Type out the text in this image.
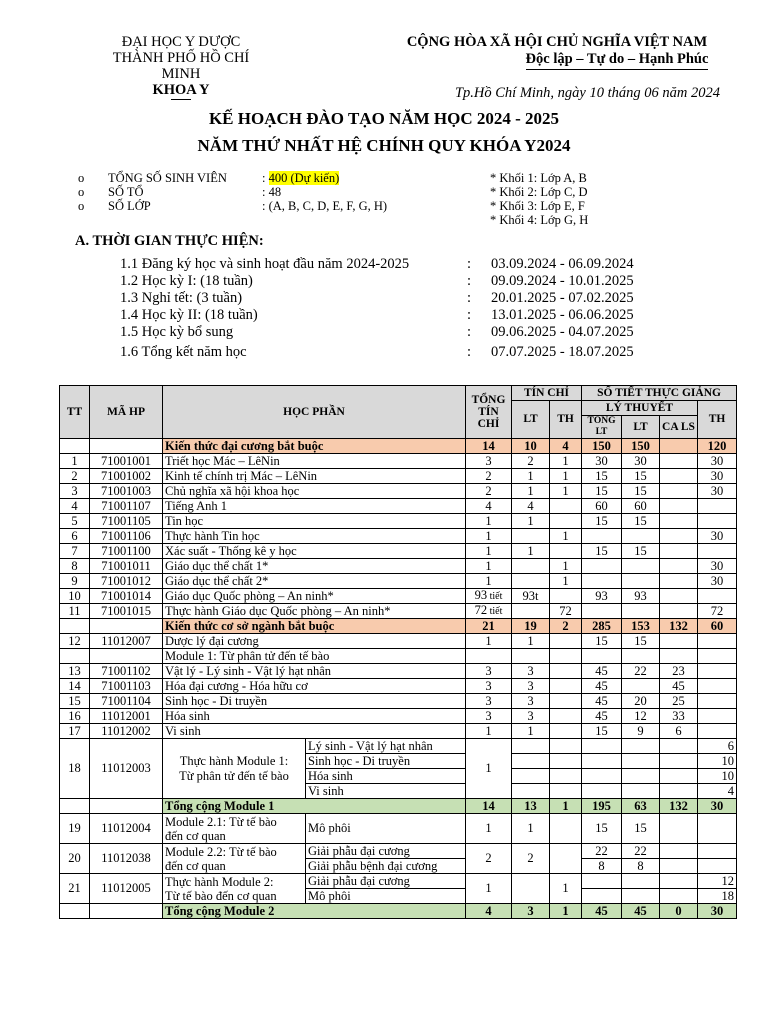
ĐẠI HỌC Y DƯỢC
THÀNH PHỐ HỒ CHÍ MINH
KHOA Y
CỘNG HÒA XÃ HỘI CHỦ NGHĨA VIỆT NAM
Độc lập – Tự do – Hạnh Phúc
Tp.Hồ Chí Minh, ngày 10 tháng 06 năm 2024
KẾ HOẠCH ĐÀO TẠO NĂM HỌC 2024 - 2025
NĂM THỨ NHẤT HỆ CHÍNH QUY KHÓA Y2024
o TỔNG SỐ SINH VIÊN	: 400 (Dự kiến)
o SỐ TỔ	: 48
o SỐ LỚP	: (A, B, C, D, E, F, G, H)
* Khối 1: Lớp A, B
* Khối 2: Lớp C, D
* Khối 3: Lớp E, F
* Khối 4: Lớp G, H
A. THỜI GIAN THỰC HIỆN:
1.1 Đăng ký học và sinh hoạt đầu năm 2024-2025	: 03.09.2024 - 06.09.2024
1.2 Học kỳ I: (18 tuần)	: 09.09.2024 - 10.01.2025
1.3 Nghỉ tết: (3 tuần)	: 20.01.2025 - 07.02.2025
1.4 Học kỳ II: (18 tuần)	: 13.01.2025 - 06.06.2025
1.5 Học kỳ bổ sung	: 09.06.2025 - 04.07.2025
1.6 Tổng kết năm học	: 07.07.2025 - 18.07.2025
TT	MÃ HP	HỌC PHẦN		TỔNG TÍN CHỈ	TÍN CHỈ		SỐ TIẾT THỰC GIẢNG			
					LT	TH	LÝ THUYẾT			TH
							TỔNG LT	LT	CA LS	
		Kiến thức đại cương bắt buộc		14	10	4	150	150		120
1	71001001	Triết học Mác – LêNin		3	2	1	30	30		30
2	71001002	Kinh tế chính trị Mác – LêNin		2	1	1	15	15		30
3	71001003	Chủ nghĩa xã hội khoa học		2	1	1	15	15		30
4	71001107	Tiếng Anh 1		4	4		60	60		
5	71001105	Tin học		1	1		15	15		
6	71001106	Thực hành Tin học		1		1				30
7	71001100	Xác suất - Thống kê y học		1	1		15	15		
8	71001011	Giáo dục thể chất 1*		1		1				30
9	71001012	Giáo dục thể chất 2*		1		1				30
10	71001014	Giáo dục Quốc phòng – An ninh*		93 tiết	93t		93	93		
11	71001015	Thực hành Giáo dục Quốc phòng – An ninh*		72 tiết		72				72
		Kiến thức cơ sở ngành bắt buộc		21	19	2	285	153	132	60
12	11012007	Dược lý đại cương		1	1		15	15		
		Module 1: Từ phân tử đến tế bào								
13	71001102	Vật lý - Lý sinh - Vật lý hạt nhân		3	3		45	22	23	
14	71001103	Hóa đại cương - Hóa hữu cơ		3	3		45		45	
15	71001104	Sinh học - Di truyền		3	3		45	20	25	
16	11012001	Hóa sinh		3	3		45	12	33	
17	11012002	Vi sinh		1	1		15	9	6	
18	11012003	Thực hành Module 1:
Từ phân tử đến tế bào	Lý sinh - Vật lý hạt nhân	1						6
			Sinh học - Di truyền							10
			Hóa sinh							10
			Vi sinh							4
		Tổng cộng Module 1		14	13	1	195	63	132	30
19	11012004	Module 2.1: Từ tế bào
đến cơ quan	Mô phôi	1	1		15	15		
20	11012038	Module 2.2: Từ tế bào
đến cơ quan	Giải phẫu đại cương	2	2		22	22		
			Giải phẫu bệnh đại cương				8	8		
21	11012005	Thực hành Module 2:
Từ tế bào đến cơ quan	Giải phẫu đại cương	1		1				12
			Mô phôi							18
		Tổng cộng Module 2		4	3	1	45	45	0	30
